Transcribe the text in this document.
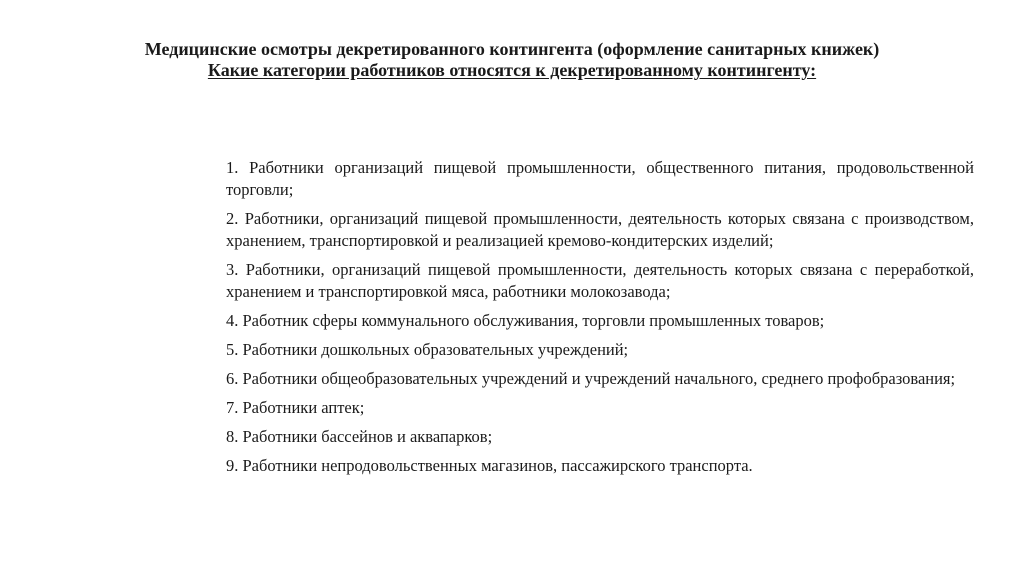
Медицинские осмотры декретированного контингента (оформление санитарных книжек)
Какие категории работников относятся к декретированному контингенту:
1. Работники организаций пищевой промышленности, общественного питания, продовольственной торговли;
2. Работники, организаций пищевой промышленности, деятельность которых связана с производством, хранением, транспортировкой и реализацией кремово-кондитерских изделий;
3. Работники, организаций пищевой промышленности, деятельность которых связана с переработкой, хранением и транспортировкой мяса, работники молокозавода;
4. Работник сферы коммунального обслуживания, торговли промышленных товаров;
5. Работники дошкольных образовательных учреждений;
6. Работники общеобразовательных учреждений и учреждений начального, среднего профобразования;
7. Работники аптек;
8. Работники бассейнов и аквапарков;
9. Работники непродовольственных магазинов, пассажирского транспорта.
